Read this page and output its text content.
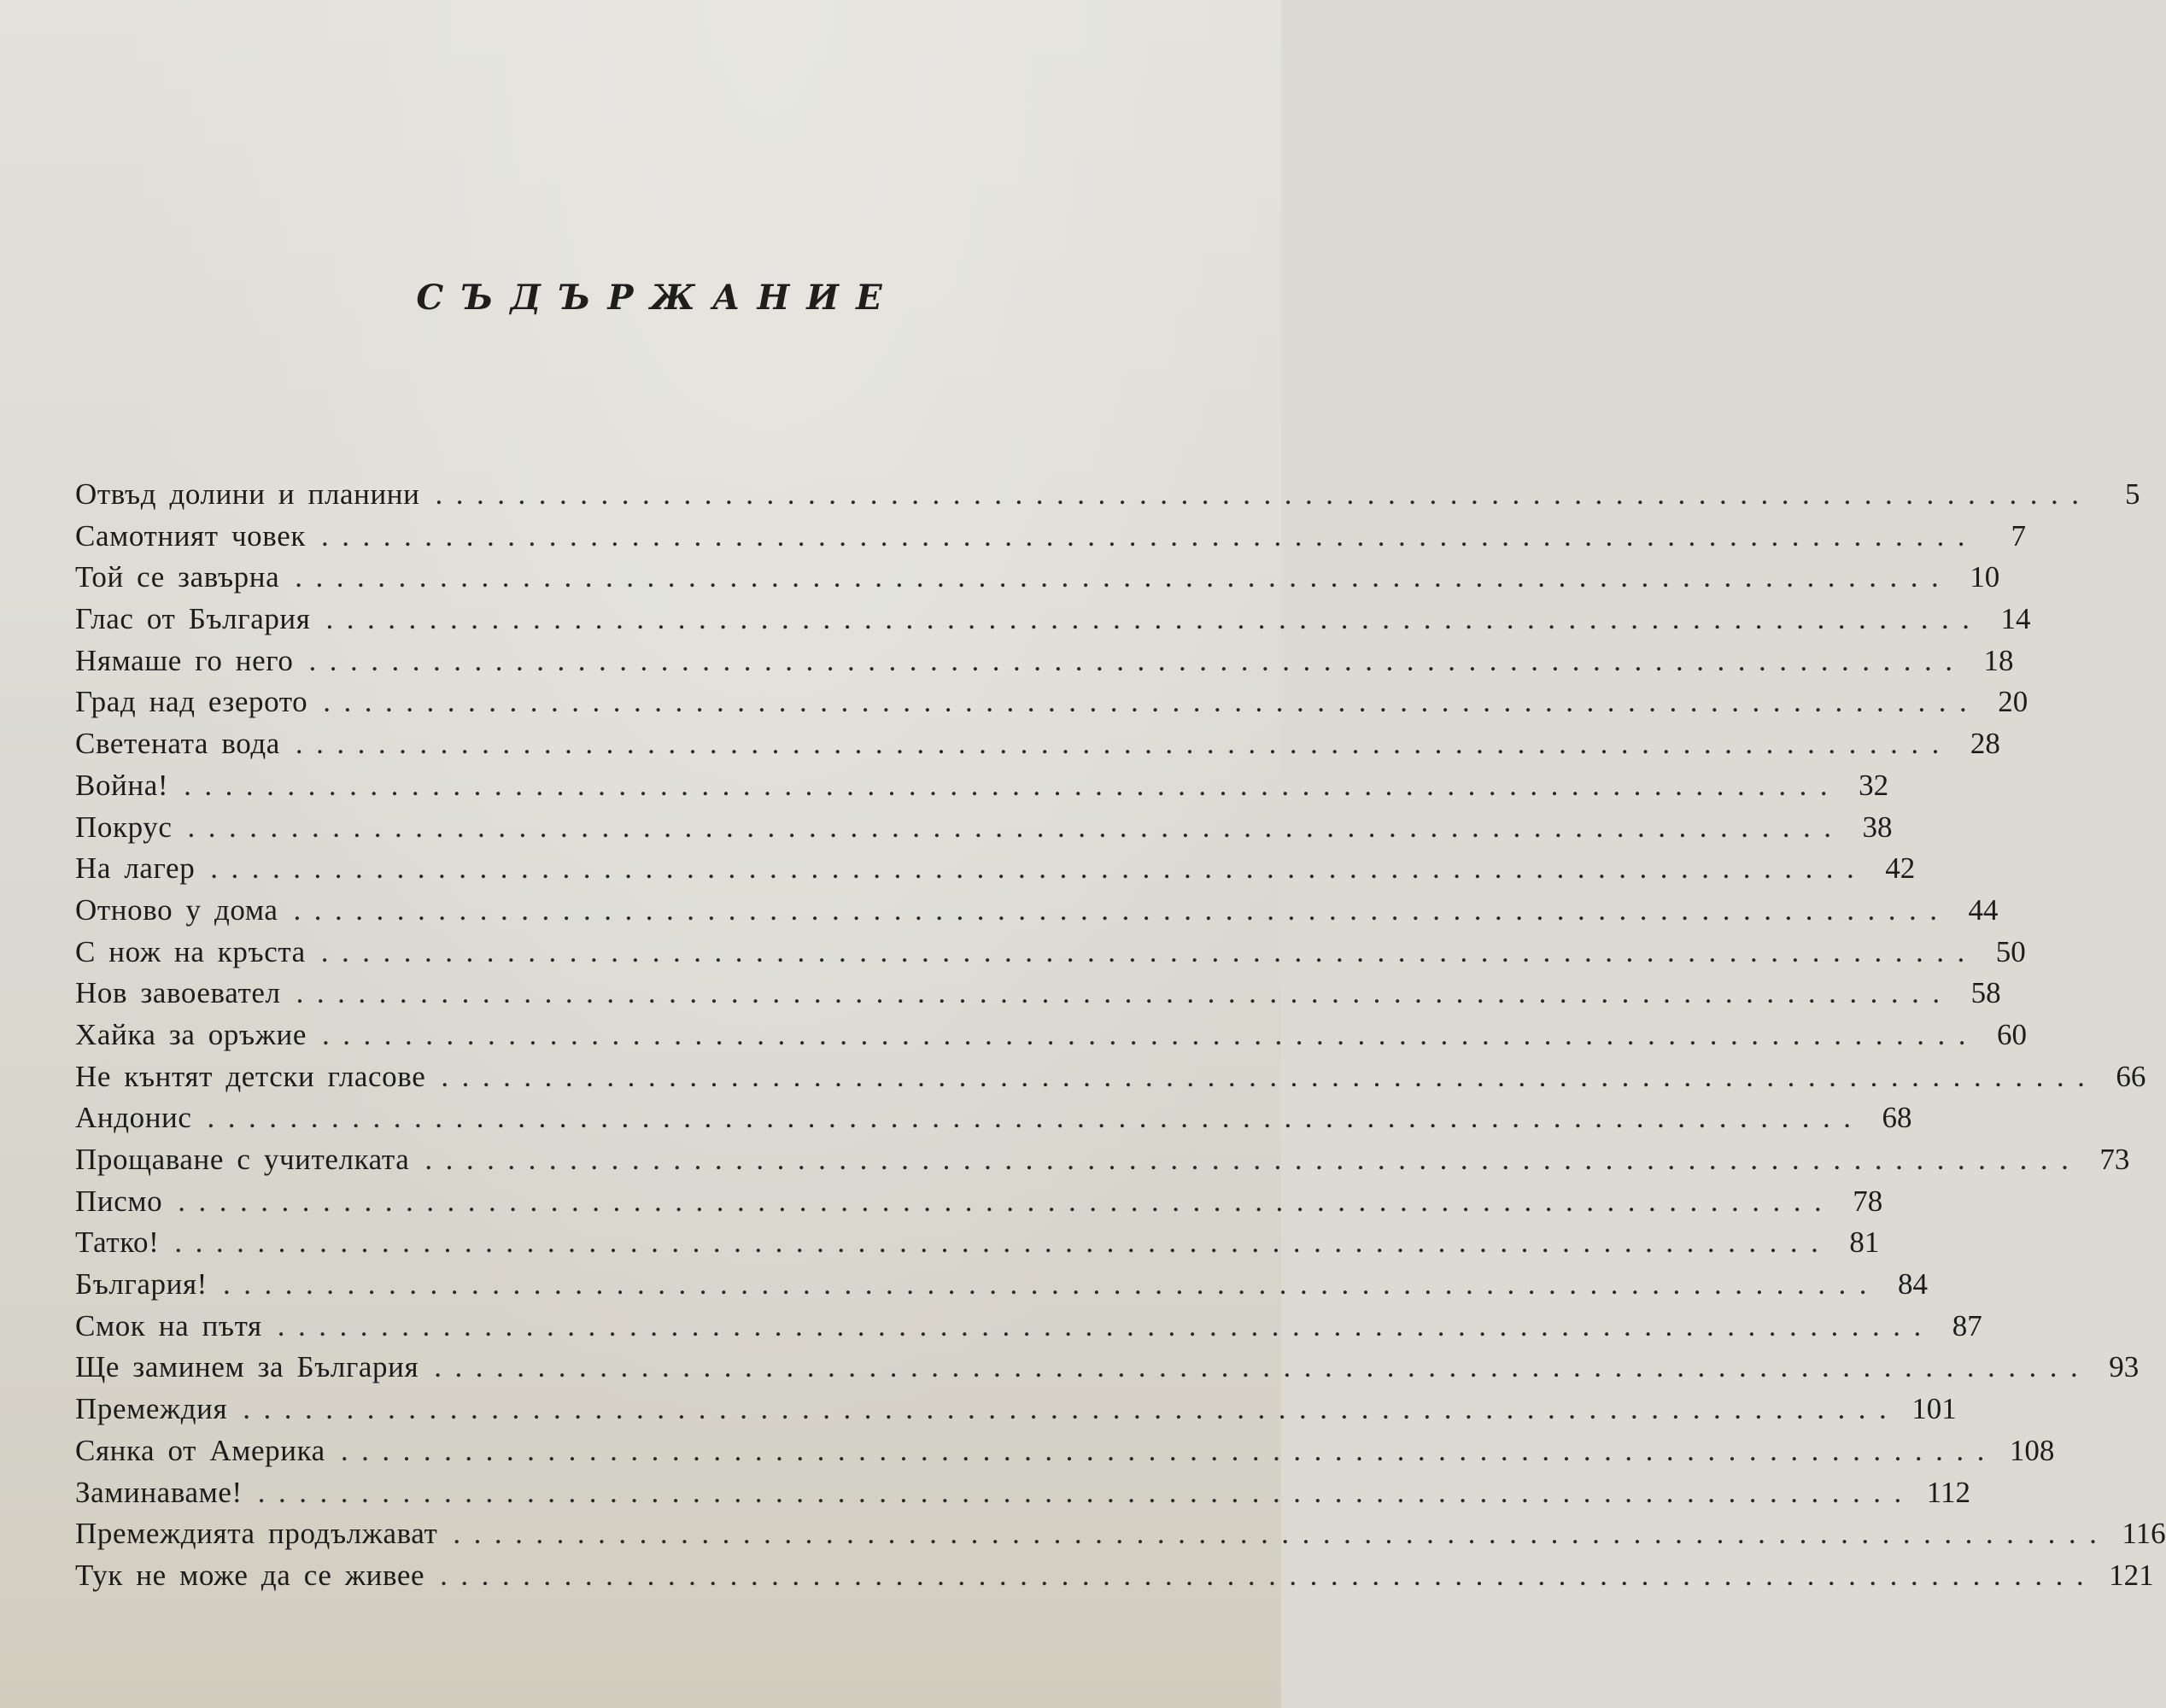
СЪДЪРЖАНИЕ
Отвъд долини и планини ................................................................................	5
Самотният човек ................................................................................	7
Той се завърна ................................................................................ 10
Глас от България ................................................................................ 14
Нямаше го него ................................................................................ 18
Град над езерото ................................................................................ 20
Светената вода ................................................................................ 28
Война! ................................................................................ 32
Покрус ................................................................................ 38
На лагер ................................................................................ 42
Отново у дома ................................................................................ 44
С нож на кръста ................................................................................ 50
Нов завоевател ................................................................................ 58
Хайка за оръжие ................................................................................ 60
Не кънтят детски гласове ................................................................................ 66
Андонис ................................................................................ 68
Прощаване с учителката ................................................................................ 73
Писмо ................................................................................ 78
Татко! ................................................................................ 81
България! ................................................................................ 84
Смок на пътя ................................................................................ 87
Ще заминем за България ................................................................................ 93
Премеждия ................................................................................ 101
Сянка от Америка ................................................................................ 108
Заминаваме! ................................................................................ 112
Премеждията продължават ................................................................................ 116
Тук не може да се живее ................................................................................ 121
